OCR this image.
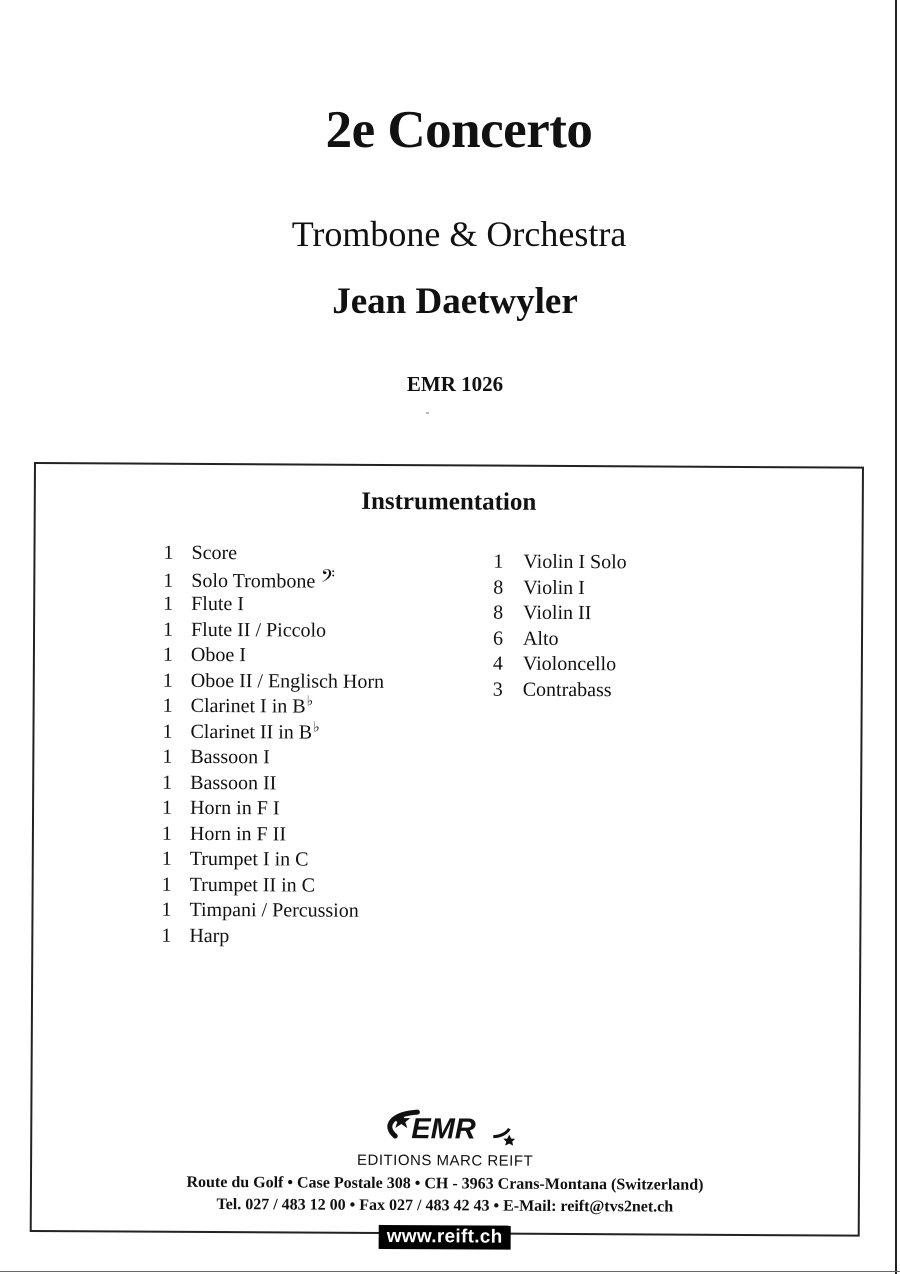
2e Concerto
Trombone & Orchestra
Jean Daetwyler
EMR 1026
Instrumentation
1 Score
1 Solo Trombone 𝄢
1 Flute I
1 Flute II / Piccolo
1 Oboe I
1 Oboe II / Englisch Horn
1 Clarinet I in B♭
1 Clarinet II in B♭
1 Bassoon I
1 Bassoon II
1 Horn in F I
1 Horn in F II
1 Trumpet I in C
1 Trumpet II in C
1 Timpani / Percussion
1 Harp
1 Violin I Solo
8 Violin I
8 Violin II
6 Alto
4 Violoncello
3 Contrabass
EMR
EDITIONS MARC REIFT
Route du Golf • Case Postale 308 • CH - 3963 Crans-Montana (Switzerland)
Tel. 027 / 483 12 00 • Fax 027 / 483 42 43 • E-Mail: reift@tvs2net.ch
www.reift.ch
